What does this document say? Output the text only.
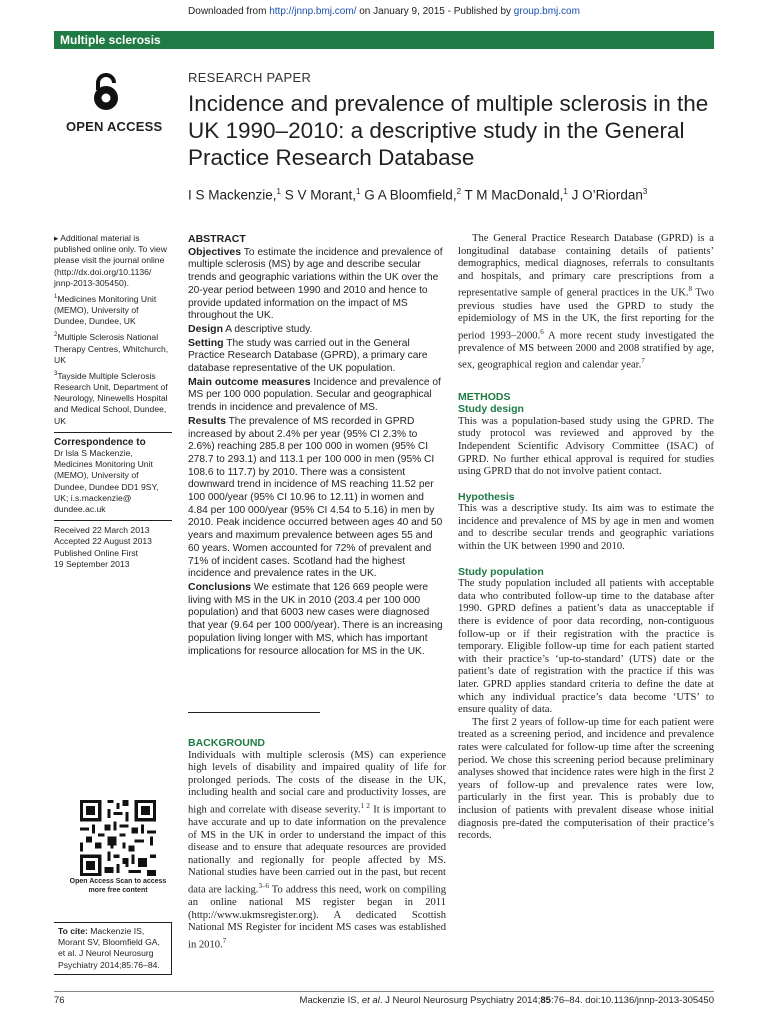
Downloaded from http://jnnp.bmj.com/ on January 9, 2015 - Published by group.bmj.com
Multiple sclerosis
OPEN ACCESS
RESEARCH PAPER
Incidence and prevalence of multiple sclerosis in the UK 1990–2010: a descriptive study in the General Practice Research Database
I S Mackenzie,$^1$ S V Morant,$^1$ G A Bloomfield,$^2$ T M MacDonald,$^1$ J O’Riordan$^3$

▸ Additional material is published online only. To view please visit the journal online (http://dx.doi.org/10.1136/ jnnp-2013-305450).

$^1$Medicines Monitoring Unit (MEMO), University of Dundee, Dundee, UK

$^2$Multiple Sclerosis National Therapy Centres, Whitchurch, UK

$^3$Tayside Multiple Sclerosis Research Unit, Department of Neurology, Ninewells Hospital and Medical School, Dundee, UK

Correspondence to

Dr Isla S Mackenzie, Medicines Monitoring Unit (MEMO), University of Dundee, Dundee DD1 9SY, UK; i.s.mackenzie@ dundee.ac.uk

Received 22 March 2013
Accepted 22 August 2013
Published Online First
19 September 2013
Open Access Scan to access more free content
To cite: Mackenzie IS, Morant SV, Bloomfield GA, et al. J Neurol Neurosurg Psychiatry 2014;85:76–84.

ABSTRACT

Objectives To estimate the incidence and prevalence of multiple sclerosis (MS) by age and describe secular trends and geographic variations within the UK over the 20-year period between 1990 and 2010 and hence to provide updated information on the impact of MS throughout the UK.

Design A descriptive study.

Setting The study was carried out in the General Practice Research Database (GPRD), a primary care database representative of the UK population.

Main outcome measures Incidence and prevalence of MS per 100 000 population. Secular and geographical trends in incidence and prevalence of MS.

Results The prevalence of MS recorded in GPRD increased by about 2.4% per year (95% CI 2.3% to 2.6%) reaching 285.8 per 100 000 in women (95% CI 278.7 to 293.1) and 113.1 per 100 000 in men (95% CI 108.6 to 117.7) by 2010. There was a consistent downward trend in incidence of MS reaching 11.52 per 100 000/year (95% CI 10.96 to 12.11) in women and 4.84 per 100 000/year (95% CI 4.54 to 5.16) in men by 2010. Peak incidence occurred between ages 40 and 50 years and maximum prevalence between ages 55 and 60 years. Women accounted for 72% of prevalent and 71% of incident cases. Scotland had the highest incidence and prevalence rates in the UK.

Conclusions We estimate that 126 669 people were living with MS in the UK in 2010 (203.4 per 100 000 population) and that 6003 new cases were diagnosed that year (9.64 per 100 000/year). There is an increasing population living longer with MS, which has important implications for resource allocation for MS in the UK.

BACKGROUND

Individuals with multiple sclerosis (MS) can experience high levels of disability and impaired quality of life for prolonged periods. The costs of the disease in the UK, including health and social care and productivity losses, are high and correlate with disease severity.$^{1 2}$ It is important to have accurate and up to date information on the prevalence of MS in the UK in order to understand the impact of this disease and to ensure that adequate resources are provided nationally and regionally for people affected by MS. National studies have been carried out in the past, but recent data are lacking.$^{3-6}$ To address this need, work on compiling an online national MS register began in 2011 (http://www.ukmsregister.org). A dedicated Scottish National MS Register for incident MS cases was established in 2010.$^7$

The General Practice Research Database (GPRD) is a longitudinal database containing details of patients’ demographics, medical diagnoses, referrals to consultants and hospitals, and primary care prescriptions from a representative sample of general practices in the UK.$^8$ Two previous studies have used the GPRD to study the epidemiology of MS in the UK, the first reporting for the period 1993–2000.$^6$ A more recent study investigated the prevalence of MS between 2000 and 2008 stratified by age, sex, geographical region and calendar year.$^7$

METHODS

Study design

This was a population-based study using the GPRD. The study protocol was reviewed and approved by the Independent Scientific Advisory Committee (ISAC) of GPRD. No further ethical approval is required for studies using GPRD that do not involve patient contact.

Hypothesis

This was a descriptive study. Its aim was to estimate the incidence and prevalence of MS by age in men and women and to describe secular trends and geographic variations within the UK between 1990 and 2010.

Study population

The study population included all patients with acceptable data who contributed follow-up time to the database after 1990. GPRD defines a patient’s data as unacceptable if there is evidence of poor data recording, non-contiguous follow-up or if their registration with the practice is temporary. Eligible follow-up time for each patient started with their practice’s ‘up-to-standard’ (UTS) date or the patient’s date of registration with the practice if this was later. GPRD applies standard criteria to define the date at which any individual practice’s data become ‘UTS’ to ensure quality of data.

The first 2 years of follow-up time for each patient were treated as a screening period, and incidence and prevalence rates were calculated for follow-up time after the screening period. We chose this screening period because preliminary analyses showed that incidence rates were high in the first 2 years of follow-up and prevalence rates were low, particularly in the first year. This is probably due to inclusion of patients with prevalent disease whose initial diagnosis pre-dated the computerisation of their practice’s records.

76	Mackenzie IS, et al. J Neurol Neurosurg Psychiatry 2014;85:76–84. doi:10.1136/jnnp-2013-305450
